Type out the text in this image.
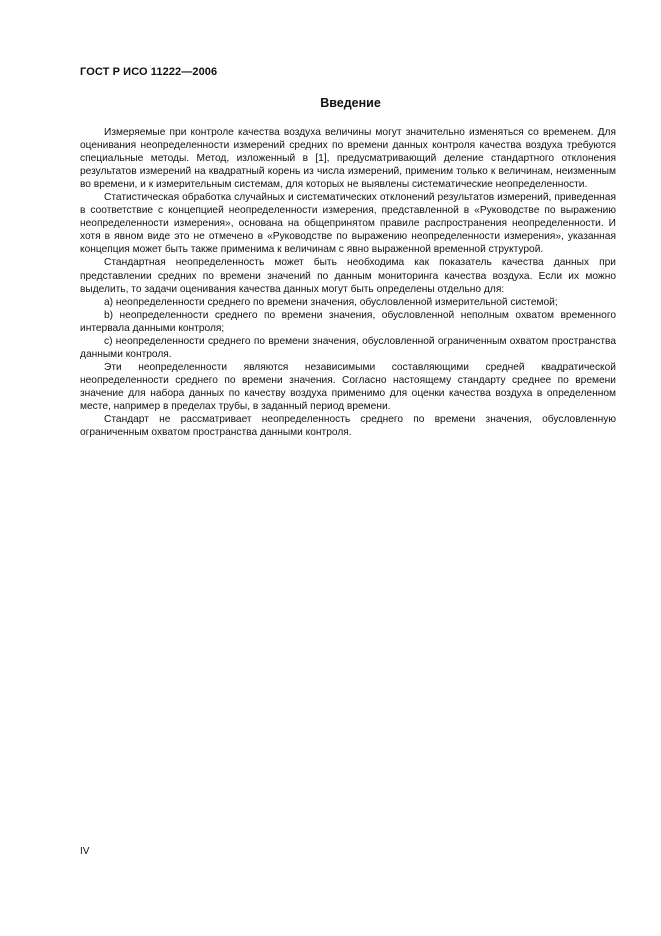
ГОСТ Р ИСО 11222—2006
Введение

Измеряемые при контроле качества воздуха величины могут значительно изменяться со временем. Для оценивания неопределенности измерений средних по времени данных контроля качества воздуха требуются специальные методы. Метод, изложенный в [1], предусматривающий деление стандартного отклонения результатов измерений на квадратный корень из числа измерений, применим только к величинам, неизменным во времени, и к измерительным системам, для которых не выявлены систематические неопределенности.

Статистическая обработка случайных и систематических отклонений результатов измерений, приведенная в соответствие с концепцией неопределенности измерения, представленной в «Руководстве по выражению неопределенности измерения», основана на общепринятом правиле распространения неопределенности. И хотя в явном виде это не отмечено в «Руководстве по выражению неопределенности измерения», указанная концепция может быть также применима к величинам с явно выраженной временной структурой.

Стандартная неопределенность может быть необходима как показатель качества данных при представлении средних по времени значений по данным мониторинга качества воздуха. Если их можно выделить, то задачи оценивания качества данных могут быть определены отдельно для:

а) неопределенности среднего по времени значения, обусловленной измерительной системой;

b) неопределенности среднего по времени значения, обусловленной неполным охватом временного интервала данными контроля;

с) неопределенности среднего по времени значения, обусловленной ограниченным охватом пространства данными контроля.

Эти неопределенности являются независимыми составляющими средней квадратической неопределенности среднего по времени значения. Согласно настоящему стандарту среднее по времени значение для набора данных по качеству воздуха применимо для оценки качества воздуха в определенном месте, например в пределах трубы, в заданный период времени.

Стандарт не рассматривает неопределенность среднего по времени значения, обусловленную ограниченным охватом пространства данными контроля.

IV
